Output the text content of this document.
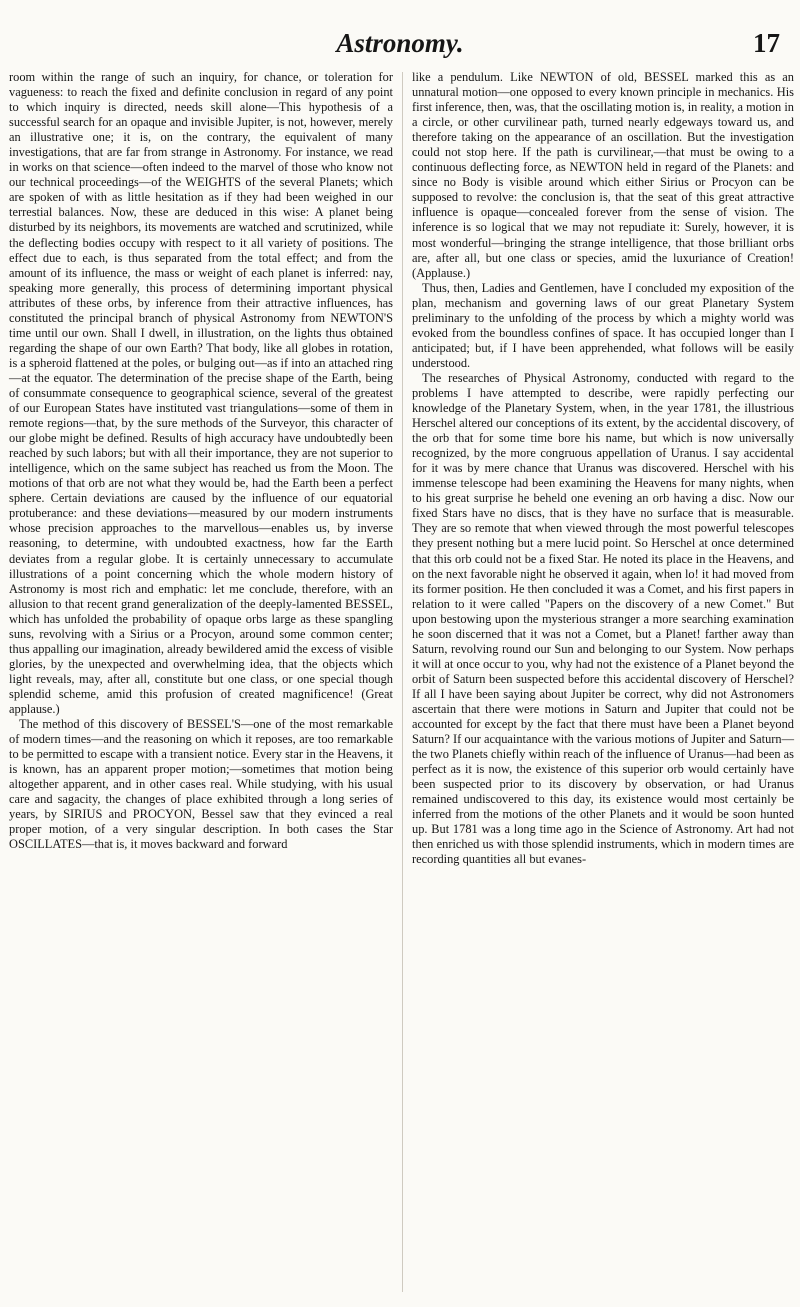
Astronomy.	17

room within the range of such an inquiry, for chance, or toleration for vagueness: to reach the fixed and definite conclusion in regard of any point to which inquiry is directed, needs skill alone—This hypothesis of a successful search for an opaque and invisible Jupiter, is not, however, merely an illustrative one; it is, on the contrary, the equivalent of many investigations, that are far from strange in Astronomy. For instance, we read in works on that science—often indeed to the marvel of those who know not our technical proceedings—of the WEIGHTS of the several Planets; which are spoken of with as little hesitation as if they had been weighed in our terrestial balances. Now, these are deduced in this wise: A planet being disturbed by its neighbors, its movements are watched and scrutinized, while the deflecting bodies occupy with respect to it all variety of positions. The effect due to each, is thus separated from the total effect; and from the amount of its influence, the mass or weight of each planet is inferred: nay, speaking more generally, this process of determining important physical attributes of these orbs, by inference from their attractive influences, has constituted the principal branch of physical Astronomy from NEWTON'S time until our own. Shall I dwell, in illustration, on the lights thus obtained regarding the shape of our own Earth? That body, like all globes in rotation, is a spheroid flattened at the poles, or bulging out—as if into an attached ring—at the equator. The determination of the precise shape of the Earth, being of consummate consequence to geographical science, several of the greatest of our European States have instituted vast triangulations—some of them in remote regions—that, by the sure methods of the Surveyor, this character of our globe might be defined. Results of high accuracy have undoubtedly been reached by such labors; but with all their importance, they are not superior to intelligence, which on the same subject has reached us from the Moon. The motions of that orb are not what they would be, had the Earth been a perfect sphere. Certain deviations are caused by the influence of our equatorial protuberance: and these deviations—measured by our modern instruments whose precision approaches to the marvellous—enables us, by inverse reasoning, to determine, with undoubted exactness, how far the Earth deviates from a regular globe. It is certainly unnecessary to accumulate illustrations of a point concerning which the whole modern history of Astronomy is most rich and emphatic: let me conclude, therefore, with an allusion to that recent grand generalization of the deeply-lamented BESSEL, which has unfolded the probability of opaque orbs large as these spangling suns, revolving with a Sirius or a Procyon, around some common center; thus appalling our imagination, already bewildered amid the excess of visible glories, by the unexpected and overwhelming idea, that the objects which light reveals, may, after all, constitute but one class, or one special though splendid scheme, amid this profusion of created magnificence! (Great applause.)

The method of this discovery of BESSEL'S—one of the most remarkable of modern times—and the reasoning on which it reposes, are too remarkable to be permitted to escape with a transient notice. Every star in the Heavens, it is known, has an apparent proper motion;—sometimes that motion being altogether apparent, and in other cases real. While studying, with his usual care and sagacity, the changes of place exhibited through a long series of years, by SIRIUS and PROCYON, Bessel saw that they evinced a real proper motion, of a very singular description. In both cases the Star OSCILLATES—that is, it moves backward and forward

like a pendulum. Like NEWTON of old, BESSEL marked this as an unnatural motion—one opposed to every known principle in mechanics. His first inference, then, was, that the oscillating motion is, in reality, a motion in a circle, or other curvilinear path, turned nearly edgeways toward us, and therefore taking on the appearance of an oscillation. But the investigation could not stop here. If the path is curvilinear,—that must be owing to a continuous deflecting force, as NEWTON held in regard of the Planets: and since no Body is visible around which either Sirius or Procyon can be supposed to revolve: the conclusion is, that the seat of this great attractive influence is opaque—concealed forever from the sense of vision. The inference is so logical that we may not repudiate it: Surely, however, it is most wonderful—bringing the strange intelligence, that those brilliant orbs are, after all, but one class or species, amid the luxuriance of Creation! (Applause.)

Thus, then, Ladies and Gentlemen, have I concluded my exposition of the plan, mechanism and governing laws of our great Planetary System preliminary to the unfolding of the process by which a mighty world was evoked from the boundless confines of space. It has occupied longer than I anticipated; but, if I have been apprehended, what follows will be easily understood.

The researches of Physical Astronomy, conducted with regard to the problems I have attempted to describe, were rapidly perfecting our knowledge of the Planetary System, when, in the year 1781, the illustrious Herschel altered our conceptions of its extent, by the accidental discovery, of the orb that for some time bore his name, but which is now universally recognized, by the more congruous appellation of Uranus. I say accidental for it was by mere chance that Uranus was discovered. Herschel with his immense telescope had been examining the Heavens for many nights, when to his great surprise he beheld one evening an orb having a disc. Now our fixed Stars have no discs, that is they have no surface that is measurable. They are so remote that when viewed through the most powerful telescopes they present nothing but a mere lucid point. So Herschel at once determined that this orb could not be a fixed Star. He noted its place in the Heavens, and on the next favorable night he observed it again, when lo! it had moved from its former position. He then concluded it was a Comet, and his first papers in relation to it were called "Papers on the discovery of a new Comet." But upon bestowing upon the mysterious stranger a more searching examination he soon discerned that it was not a Comet, but a Planet! farther away than Saturn, revolving round our Sun and belonging to our System. Now perhaps it will at once occur to you, why had not the existence of a Planet beyond the orbit of Saturn been suspected before this accidental discovery of Herschel? If all I have been saying about Jupiter be correct, why did not Astronomers ascertain that there were motions in Saturn and Jupiter that could not be accounted for except by the fact that there must have been a Planet beyond Saturn? If our acquaintance with the various motions of Jupiter and Saturn—the two Planets chiefly within reach of the influence of Uranus—had been as perfect as it is now, the existence of this superior orb would certainly have been suspected prior to its discovery by observation, or had Uranus remained undiscovered to this day, its existence would most certainly be inferred from the motions of the other Planets and it would be soon hunted up. But 1781 was a long time ago in the Science of Astronomy. Art had not then enriched us with those splendid instruments, which in modern times are recording quantities all but evanes-
